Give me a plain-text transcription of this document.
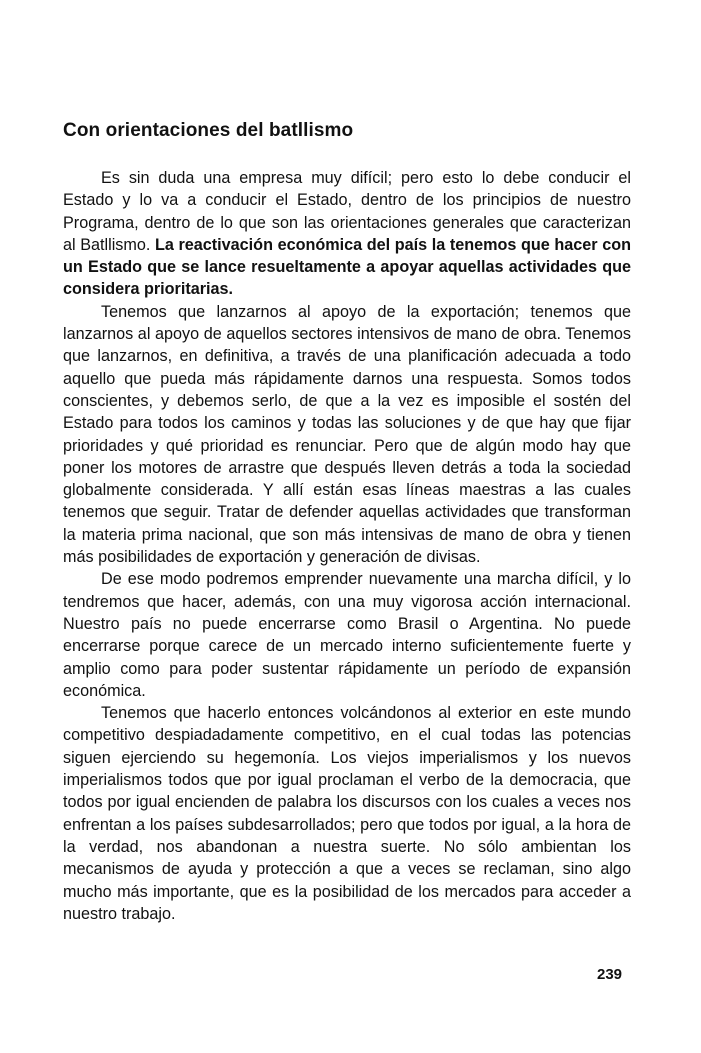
Con orientaciones del batllismo

Es sin duda una empresa muy difícil; pero esto lo debe conducir el Estado y lo va a conducir el Estado, dentro de los principios de nuestro Programa, dentro de lo que son las orientaciones generales que caracterizan al Batllismo. La reactivación económica del país la tenemos que hacer con un Estado que se lance resueltamente a apoyar aquellas actividades que considera prioritarias.

Tenemos que lanzarnos al apoyo de la exportación; tenemos que lanzarnos al apoyo de aquellos sectores intensivos de mano de obra. Tenemos que lanzarnos, en definitiva, a través de una planificación adecuada a todo aquello que pueda más rápidamente darnos una respuesta. Somos todos conscientes, y debemos serlo, de que a la vez es imposible el sostén del Estado para todos los caminos y todas las soluciones y de que hay que fijar prioridades y qué prioridad es renunciar. Pero que de algún modo hay que poner los motores de arrastre que después lleven detrás a toda la sociedad globalmente considerada. Y allí están esas líneas maestras a las cuales tenemos que seguir. Tratar de defender aquellas actividades que transforman la materia prima nacional, que son más intensivas de mano de obra y tienen más posibilidades de exportación y generación de divisas.

De ese modo podremos emprender nuevamente una marcha difícil, y lo tendremos que hacer, además, con una muy vigorosa acción internacional. Nuestro país no puede encerrarse como Brasil o Argentina. No puede encerrarse porque carece de un mercado interno suficientemente fuerte y amplio como para poder sustentar rápidamente un período de expansión económica.

Tenemos que hacerlo entonces volcándonos al exterior en este mundo competitivo despiadadamente competitivo, en el cual todas las potencias siguen ejerciendo su hegemonía. Los viejos imperialismos y los nuevos imperialismos todos que por igual proclaman el verbo de la democracia, que todos por igual encienden de palabra los discursos con los cuales a veces nos enfrentan a los países subdesarrollados; pero que todos por igual, a la hora de la verdad, nos abandonan a nuestra suerte. No sólo ambientan los mecanismos de ayuda y protección a que a veces se reclaman, sino algo mucho más importante, que es la posibilidad de los mercados para acceder a nuestro trabajo.

239
